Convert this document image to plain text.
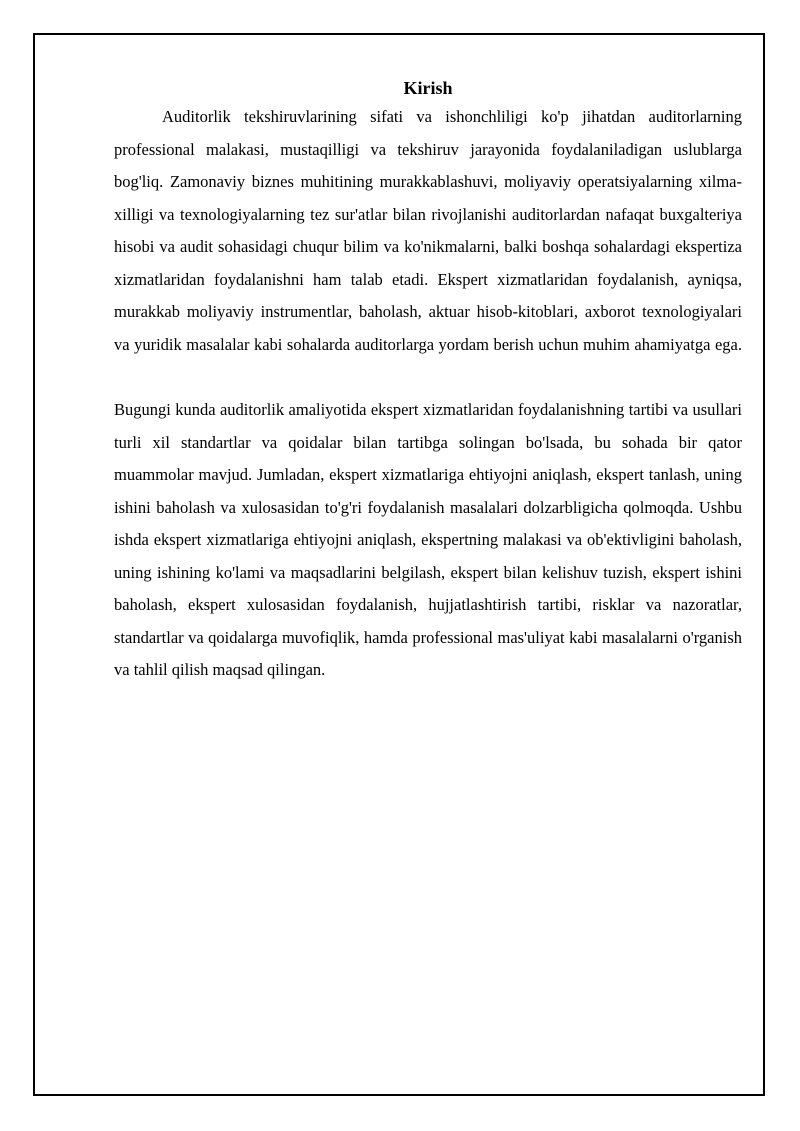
Kirish

Auditorlik tekshiruvlarining sifati va ishonchliligi ko'p jihatdan auditorlarning professional malakasi, mustaqilligi va tekshiruv jarayonida foydalaniladigan uslublarga bog'liq. Zamonaviy biznes muhitining murakkablashuvi, moliyaviy operatsiyalarning xilma-xilligi va texnologiyalarning tez sur'atlar bilan rivojlanishi auditorlardan nafaqat buxgalteriya hisobi va audit sohasidagi chuqur bilim va ko'nikmalarni, balki boshqa sohalardagi ekspertiza xizmatlaridan foydalanishni ham talab etadi. Ekspert xizmatlaridan foydalanish, ayniqsa, murakkab moliyaviy instrumentlar, baholash, aktuar hisob-kitoblari, axborot texnologiyalari va yuridik masalalar kabi sohalarda auditorlarga yordam berish uchun muhim ahamiyatga ega.

Bugungi kunda auditorlik amaliyotida ekspert xizmatlaridan foydalanishning tartibi va usullari turli xil standartlar va qoidalar bilan tartibga solingan bo'lsada, bu sohada bir qator muammolar mavjud. Jumladan, ekspert xizmatlariga ehtiyojni aniqlash, ekspert tanlash, uning ishini baholash va xulosasidan to'g'ri foydalanish masalalari dolzarbligicha qolmoqda. Ushbu ishda ekspert xizmatlariga ehtiyojni aniqlash, ekspertning malakasi va ob'ektivligini baholash, uning ishining ko'lami va maqsadlarini belgilash, ekspert bilan kelishuv tuzish, ekspert ishini baholash, ekspert xulosasidan foydalanish, hujjatlashtirish tartibi, risklar va nazoratlar, standartlar va qoidalarga muvofiqlik, hamda professional mas'uliyat kabi masalalarni o'rganish va tahlil qilish maqsad qilingan.
